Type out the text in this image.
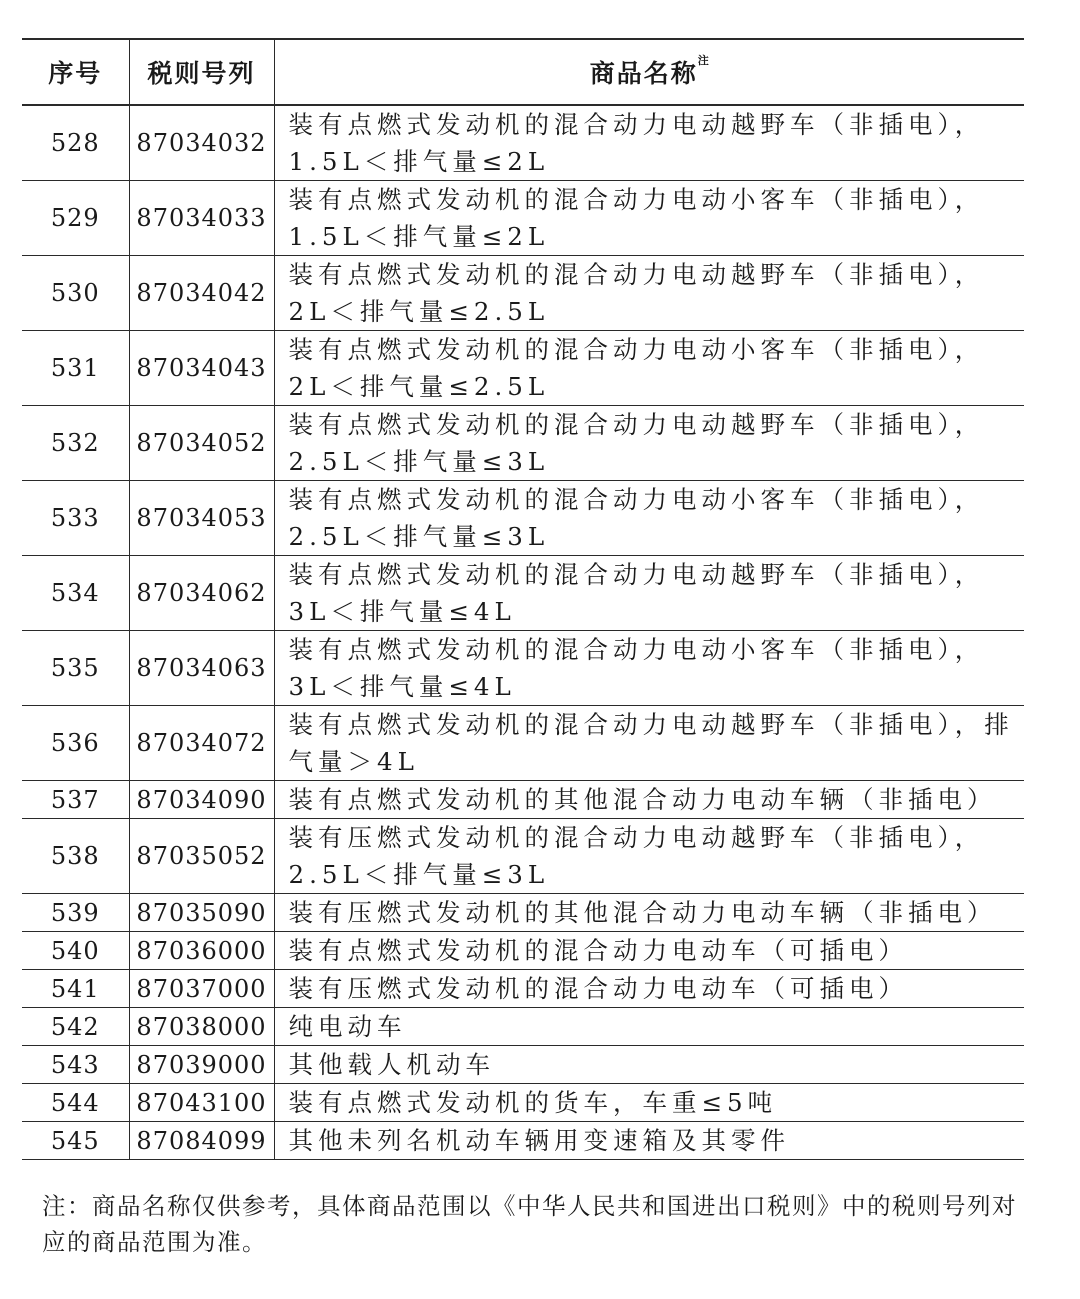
序号	税则号列	商品名称$^注$
528	87034032	装有点燃式发动机的混合动力电动越野车（非插电），1.5L＜排气量≤2L
529	87034033	装有点燃式发动机的混合动力电动小客车（非插电），1.5L＜排气量≤2L
530	87034042	装有点燃式发动机的混合动力电动越野车（非插电），2L＜排气量≤2.5L
531	87034043	装有点燃式发动机的混合动力电动小客车（非插电），2L＜排气量≤2.5L
532	87034052	装有点燃式发动机的混合动力电动越野车（非插电），2.5L＜排气量≤3L
533	87034053	装有点燃式发动机的混合动力电动小客车（非插电），2.5L＜排气量≤3L
534	87034062	装有点燃式发动机的混合动力电动越野车（非插电），3L＜排气量≤4L
535	87034063	装有点燃式发动机的混合动力电动小客车（非插电），3L＜排气量≤4L
536	87034072	装有点燃式发动机的混合动力电动越野车（非插电），排气量＞4L
537	87034090	装有点燃式发动机的其他混合动力电动车辆（非插电）
538	87035052	装有压燃式发动机的混合动力电动越野车（非插电），2.5L＜排气量≤3L
539	87035090	装有压燃式发动机的其他混合动力电动车辆（非插电）
540	87036000	装有点燃式发动机的混合动力电动车（可插电）
541	87037000	装有压燃式发动机的混合动力电动车（可插电）
542	87038000	纯电动车
543	87039000	其他载人机动车
544	87043100	装有点燃式发动机的货车，车重≤5吨
545	87084099	其他未列名机动车辆用变速箱及其零件

注：商品名称仅供参考，具体商品范围以《中华人民共和国进出口税则》中的税则号列对应的商品范围为准。
